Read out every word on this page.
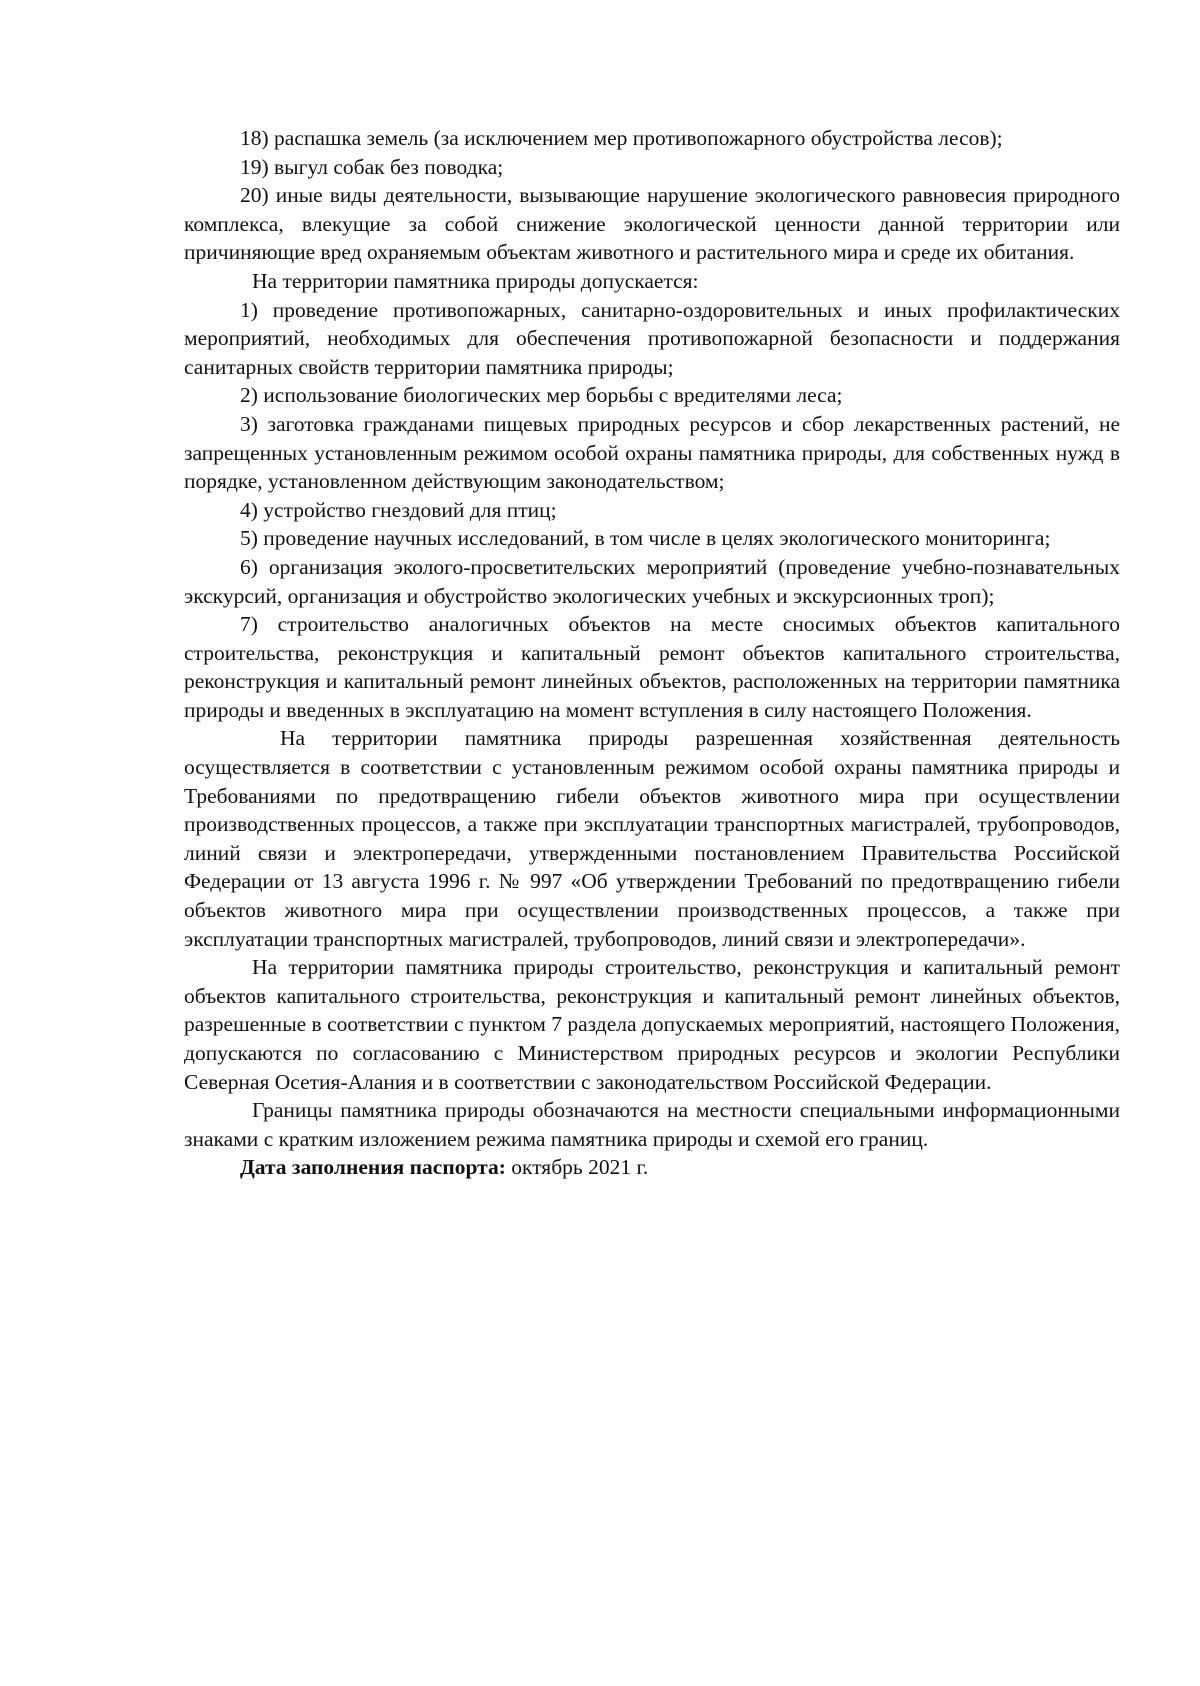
18) распашка земель (за исключением мер противопожарного обустройства лесов);

19) выгул собак без поводка;

20) иные виды деятельности, вызывающие нарушение экологического равновесия природного комплекса, влекущие за собой снижение экологической ценности данной территории или причиняющие вред охраняемым объектам животного и растительного мира и среде их обитания.

На территории памятника природы допускается:

1) проведение противопожарных, санитарно-оздоровительных и иных профилактических мероприятий, необходимых для обеспечения противопожарной безопасности и поддержания санитарных свойств территории памятника природы;

2) использование биологических мер борьбы с вредителями леса;

3) заготовка гражданами пищевых природных ресурсов и сбор лекарственных растений, не запрещенных установленным режимом особой охраны памятника природы, для собственных нужд в порядке, установленном действующим законодательством;

4) устройство гнездовий для птиц;

5) проведение научных исследований, в том числе в целях экологического мониторинга;

6) организация эколого-просветительских мероприятий (проведение учебно-познавательных экскурсий, организация и обустройство экологических учебных и экскурсионных троп);

7) строительство аналогичных объектов на месте сносимых объектов капитального строительства, реконструкция и капитальный ремонт объектов капитального строительства, реконструкция и капитальный ремонт линейных объектов, расположенных на территории памятника природы и введенных в эксплуатацию на момент вступления в силу настоящего Положения.

На территории памятника природы разрешенная хозяйственная деятельность осуществляется в соответствии с установленным режимом особой охраны памятника природы и Требованиями по предотвращению гибели объектов животного мира при осуществлении производственных процессов, а также при эксплуатации транспортных магистралей, трубопроводов, линий связи и электропередачи, утвержденными постановлением Правительства Российской Федерации от 13 августа 1996 г. № 997 «Об утверждении Требований по предотвращению гибели объектов животного мира при осуществлении производственных процессов, а также при эксплуатации транспортных магистралей, трубопроводов, линий связи и электропередачи».

На территории памятника природы строительство, реконструкция и капитальный ремонт объектов капитального строительства, реконструкция и капитальный ремонт линейных объектов, разрешенные в соответствии с пунктом 7 раздела допускаемых мероприятий, настоящего Положения, допускаются по согласованию с Министерством природных ресурсов и экологии Республики Северная Осетия-Алания и в соответствии с законодательством Российской Федерации.

Границы памятника природы обозначаются на местности специальными информационными знаками с кратким изложением режима памятника природы и схемой его границ.

Дата заполнения паспорта: октябрь 2021 г.
